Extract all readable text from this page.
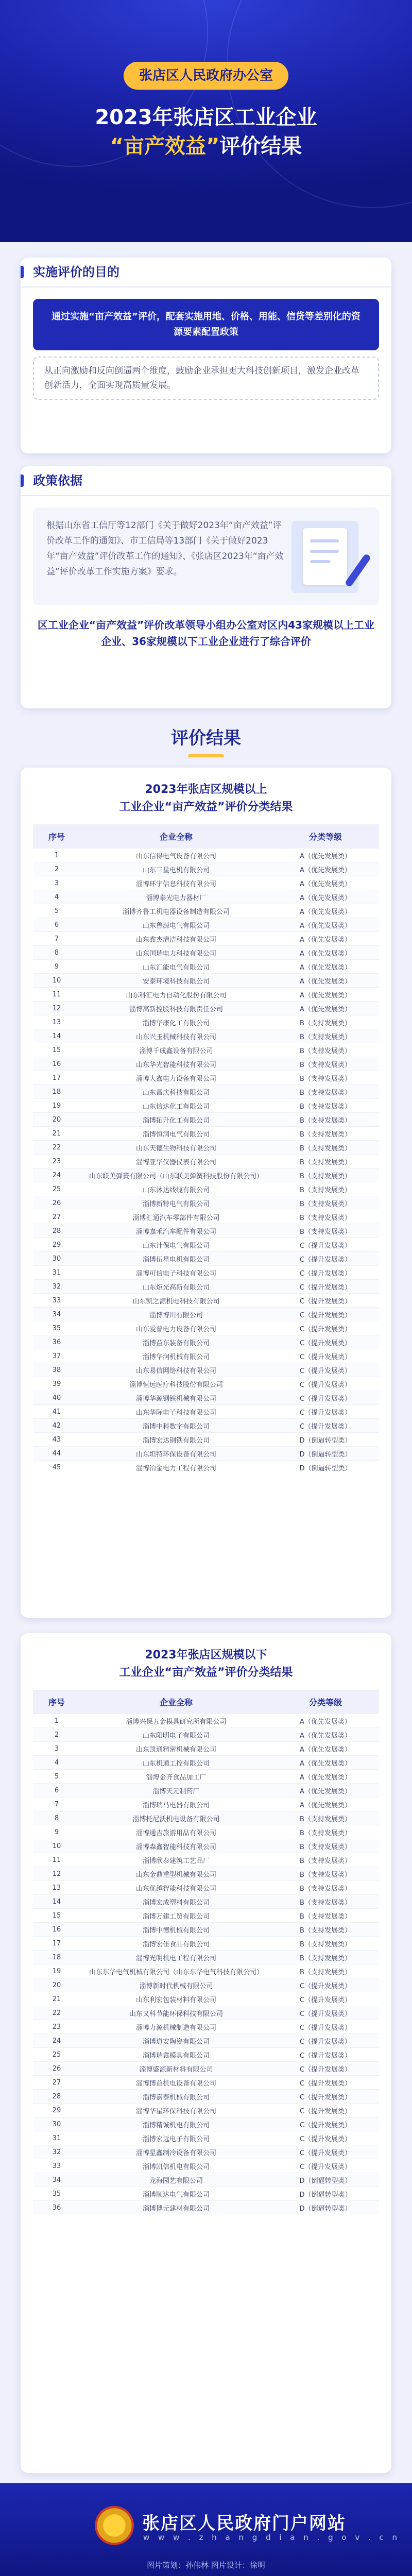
张店区人民政府办公室
2023年张店区工业企业
“亩产效益”评价结果
实施评价的目的
通过实施“亩产效益”评价，配套实施用地、价格、用能、信贷等差别化的资源要素配置政策
从正向激励和反向倒逼两个维度，鼓励企业承担更大科技创新项目，激发企业改革创新活力，全面实现高质量发展。
政策依据
根据山东省工信厅等12部门《关于做好2023年“亩产效益”评价改革工作的通知》、市工信局等13部门《关于做好2023年“亩产效益”评价改革工作的通知》、《张店区2023年“亩产效益”评价改革工作实施方案》要求。
区工业企业“亩产效益”评价改革领导小组办公室对区内43家规模以上工业企业、36家规模以下工业企业进行了综合评价
评价结果
2023年张店区规模以上
工业企业“亩产效益”评价分类结果
序号	企业全称	分类等级
1	山东信得电气设备有限公司	A（优先发展类）
2	山东三星电机有限公司	A（优先发展类）
3	淄博环宇信息科技有限公司	A（优先发展类）
4	淄博泰光电力器材厂	A（优先发展类）
5	淄博齐鲁工机电器设备制造有限公司	A（优先发展类）
6	山东鲁源电气有限公司	A（优先发展类）
7	山东鑫杰清洁科技有限公司	A（优先发展类）
8	山东国瑞电力科技有限公司	A（优先发展类）
9	山东汇能电气有限公司	A（优先发展类）
10	安泰环境科技有限公司	A（优先发展类）
11	山东科汇电力自动化股份有限公司	A（优先发展类）
12	淄博高新控股科技有限责任公司	A（优先发展类）
13	淄博华康化工有限公司	B（支持发展类）
14	山东兴玉机械科技有限公司	B（支持发展类）
15	淄博千成鑫设备有限公司	B（支持发展类）
16	山东华光智能科技有限公司	B（支持发展类）
17	淄博大鑫电力设备有限公司	B（支持发展类）
18	山东昌庆科技有限公司	B（支持发展类）
19	山东信达化工有限公司	B（支持发展类）
20	淄博拓升化工有限公司	B（支持发展类）
21	淄博恒润电气有限公司	B（支持发展类）
22	山东天德生物科技有限公司	B（支持发展类）
23	淄博亚华仪器仪表有限公司	B（支持发展类）
24	山东联美弹簧有限公司（山东联美弹簧科技股份有限公司）	B（支持发展类）
25	山东沐达线缆有限公司	B（支持发展类）
26	淄博新特电气有限公司	B（支持发展类）
27	淄博汇通汽车零部件有限公司	B（支持发展类）
28	淄博嘉禾汽车配件有限公司	B（支持发展类）
29	山东计保电气有限公司	C（提升发展类）
30	淄博伍星电机有限公司	C（提升发展类）
31	淄博可信电子科技有限公司	C（提升发展类）
32	山东炬光高新有限公司	C（提升发展类）
33	山东凯之源机电科技有限公司	C（提升发展类）
34	淄博博川有限公司	C（提升发展类）
35	山东爱普电力设备有限公司	C（提升发展类）
36	淄博益东装备有限公司	C（提升发展类）
37	淄博华润机械有限公司	C（提升发展类）
38	山东易信网络科技有限公司	C（提升发展类）
39	淄博恒远医疗科技股份有限公司	C（提升发展类）
40	淄博华源钢铁机械有限公司	C（提升发展类）
41	山东华际电子科技有限公司	C（提升发展类）
42	淄博中科数字有限公司	C（提升发展类）
43	淄博宏达钢铁有限公司	D（倒逼转型类）
44	山东坦特环保设备有限公司	D（倒逼转型类）
45	淄博冶金电力工程有限公司	D（倒逼转型类）
2023年张店区规模以下
工业企业“亩产效益”评价分类结果
序号	企业全称	分类等级
1	淄博兴保五金模具研究所有限公司	A（优先发展类）
2	山东阳明电子有限公司	A（优先发展类）
3	山东凯通精密机械有限公司	A（优先发展类）
4	山东机通工控有限公司	A（优先发展类）
5	淄博金齐食品加工厂	A（优先发展类）
6	淄博天元制药厂	A（优先发展类）
7	淄博瑞马电器有限公司	A（优先发展类）
8	淄博托尼沃机电设备有限公司	B（支持发展类）
9	淄博通吉旅游用品有限公司	B（支持发展类）
10	淄博森鑫智能科技有限公司	B（支持发展类）
11	淄博欣泰建筑工艺品厂	B（支持发展类）
12	山东金鼎重型机械有限公司	B（支持发展类）
13	山东优越智能科技有限公司	B（支持发展类）
14	淄博宏成塑料有限公司	B（支持发展类）
15	淄博万建工贸有限公司	B（支持发展类）
16	淄博中德机械有限公司	B（支持发展类）
17	淄博宏佳食品有限公司	B（支持发展类）
18	淄博光明机电工程有限公司	B（支持发展类）
19	山东东华电气机械有限公司（山东东华电气科技有限公司）	B（支持发展类）
20	淄博新时代机械有限公司	C（提升发展类）
21	山东利宏包装材料有限公司	C（提升发展类）
22	山东又科节能环保科技有限公司	C（提升发展类）
23	淄博力源机械制造有限公司	C（提升发展类）
24	淄博道安陶瓷有限公司	C（提升发展类）
25	淄博瑞鑫模具有限公司	C（提升发展类）
26	淄博盛源新材料有限公司	C（提升发展类）
27	淄博博益机电设备有限公司	C（提升发展类）
28	淄博嘉泰机械有限公司	C（提升发展类）
29	淄博华星环保科技有限公司	C（提升发展类）
30	淄博精诚机电有限公司	C（提升发展类）
31	淄博宏远电子有限公司	C（提升发展类）
32	淄博星鑫制冷设备有限公司	C（提升发展类）
33	淄博凯信机电有限公司	C（提升发展类）
34	龙海园艺有限公司	D（倒逼转型类）
35	淄博顺达电气有限公司	D（倒逼转型类）
36	淄博博元建材有限公司	D（倒逼转型类）
张店区人民政府门户网站
w w w . z h a n g d i a n . g o v . c n
图片策划：孙伟林 图片设计：徐明
